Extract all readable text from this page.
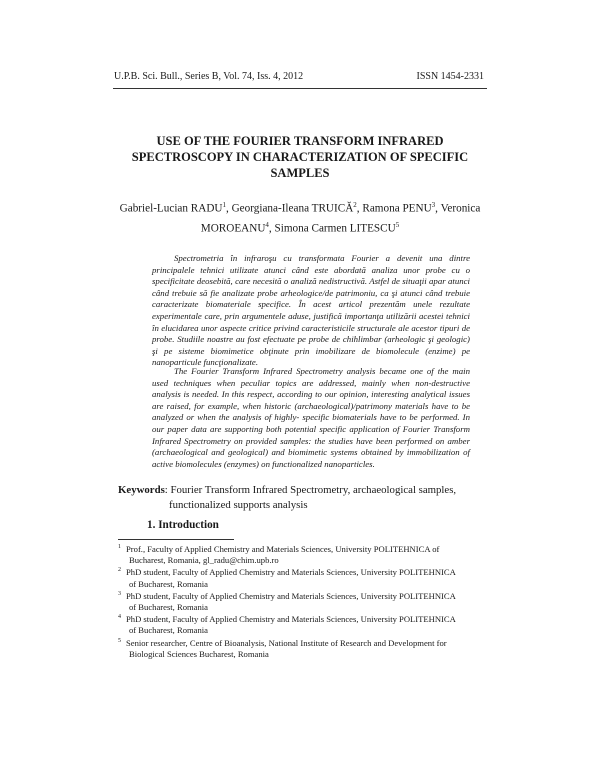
U.P.B. Sci. Bull., Series B, Vol. 74, Iss. 4, 2012	ISSN 1454-2331
USE OF THE FOURIER TRANSFORM INFRARED SPECTROSCOPY IN CHARACTERIZATION OF SPECIFIC SAMPLES
Gabriel-Lucian RADU$^1$, Georgiana-Ileana TRUICĂ$^2$, Ramona PENU$^3$, Veronica MOROEANU$^4$, Simona Carmen LITESCU$^5$

Spectrometria în infraroşu cu transformata Fourier a devenit una dintre principalele tehnici utilizate atunci când este abordată analiza unor probe cu o specificitate deosebită, care necesită o analiză nedistructivă. Astfel de situaţii apar atunci când trebuie să fie analizate probe arheologice/de patrimoniu, ca şi atunci când trebuie caracterizate biomateriale specifice. În acest articol prezentăm unele rezultate experimentale care, prin argumentele aduse, justifică importanţa utilizării acestei tehnici în elucidarea unor aspecte critice privind caracteristicile structurale ale acestor tipuri de probe. Studiile noastre au fost efectuate pe probe de chihlimbar (arheologic şi geologic) şi pe sisteme biomimetice obţinute prin imobilizare de biomolecule (enzime) pe nanoparticule funcţionalizate.

The Fourier Transform Infrared Spectrometry analysis became one of the main used techniques when peculiar topics are addressed, mainly when non-destructive analysis is needed. In this respect, according to our opinion, interesting analytical issues are raised, for example, when historic (archaeological)/patrimony materials have to be analyzed or when the analysis of highly- specific biomaterials have to be performed. In our paper data are supporting both potential specific application of Fourier Transform Infrared Spectrometry on provided samples: the studies have been performed on amber (archaeological and geological) and biomimetic systems obtained by immobilization of active biomolecules (enzymes) on functionalized nanoparticles.

Keywords: Fourier Transform Infrared Spectrometry, archaeological samples,
functionalized supports analysis
1. Introduction
1 Prof., Faculty of Applied Chemistry and Materials Sciences, University POLITEHNICA of
Bucharest, Romania, gl_radu@chim.upb.ro
2 PhD student, Faculty of Applied Chemistry and Materials Sciences, University POLITEHNICA
of Bucharest, Romania
3 PhD student, Faculty of Applied Chemistry and Materials Sciences, University POLITEHNICA
of Bucharest, Romania
4 PhD student, Faculty of Applied Chemistry and Materials Sciences, University POLITEHNICA
of Bucharest, Romania
5 Senior researcher, Centre of Bioanalysis, National Institute of Research and Development for
Biological Sciences Bucharest, Romania
